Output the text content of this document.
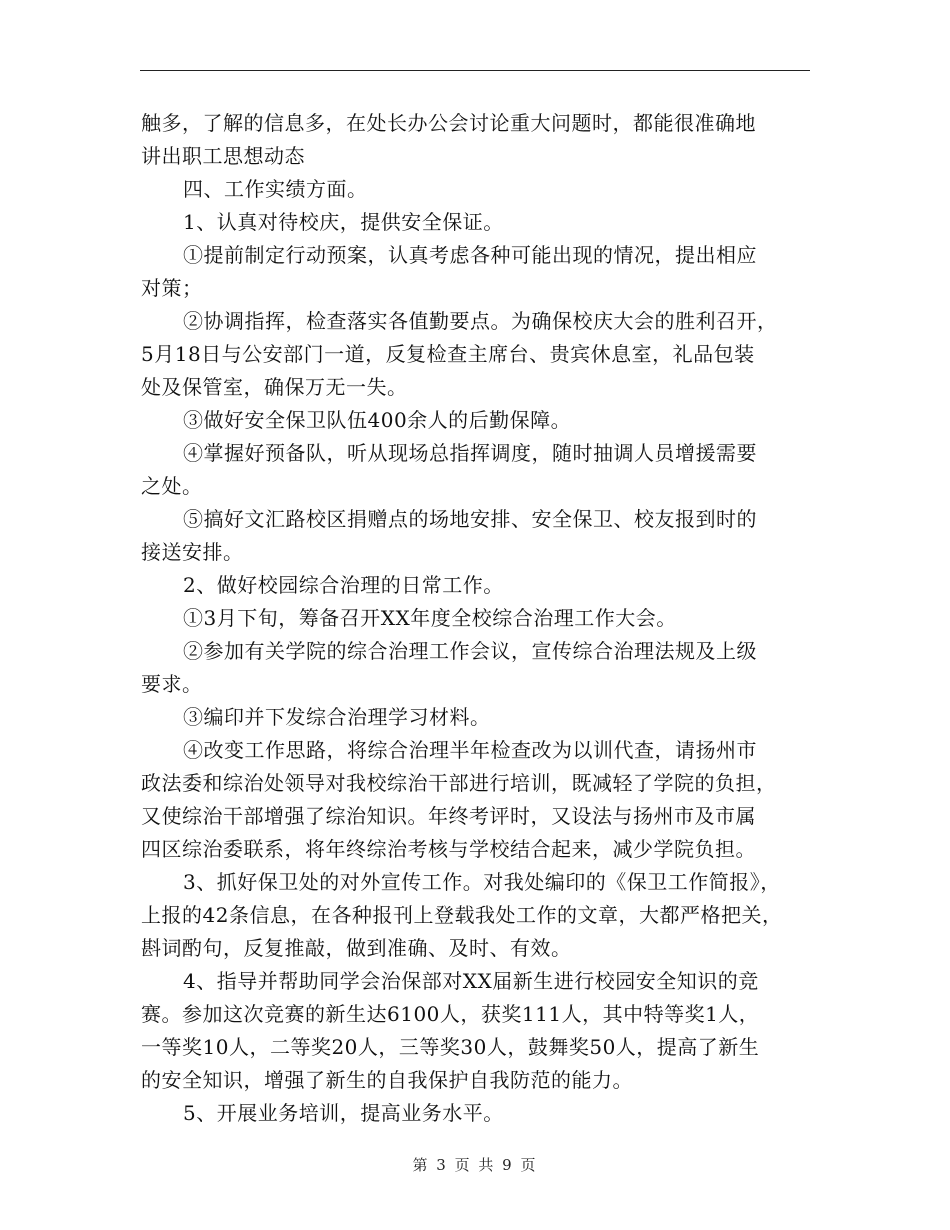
触多，了解的信息多，在处长办公会讨论重大问题时，都能很准确地
讲出职工思想动态
四、工作实绩方面。
1、认真对待校庆，提供安全保证。
①提前制定行动预案，认真考虑各种可能出现的情况，提出相应
对策；
②协调指挥，检查落实各值勤要点。为确保校庆大会的胜利召开，
5月18日与公安部门一道，反复检查主席台、贵宾休息室，礼品包装
处及保管室，确保万无一失。
③做好安全保卫队伍400余人的后勤保障。
④掌握好预备队，听从现场总指挥调度，随时抽调人员增援需要
之处。
⑤搞好文汇路校区捐赠点的场地安排、安全保卫、校友报到时的
接送安排。
2、做好校园综合治理的日常工作。
①3月下旬，筹备召开XX年度全校综合治理工作大会。
②参加有关学院的综合治理工作会议，宣传综合治理法规及上级
要求。
③编印并下发综合治理学习材料。
④改变工作思路，将综合治理半年检查改为以训代查，请扬州市
政法委和综治处领导对我校综治干部进行培训，既减轻了学院的负担，
又使综治干部增强了综治知识。年终考评时，又设法与扬州市及市属
四区综治委联系，将年终综治考核与学校结合起来，减少学院负担。
3、抓好保卫处的对外宣传工作。对我处编印的《保卫工作简报》，
上报的42条信息，在各种报刊上登载我处工作的文章，大都严格把关，
斟词酌句，反复推敲，做到准确、及时、有效。
4、指导并帮助同学会治保部对XX届新生进行校园安全知识的竞
赛。参加这次竞赛的新生达6100人，获奖111人，其中特等奖1人，
一等奖10人，二等奖20人，三等奖30人，鼓舞奖50人，提高了新生
的安全知识，增强了新生的自我保护自我防范的能力。
5、开展业务培训，提高业务水平。
第 3 页 共 9 页
